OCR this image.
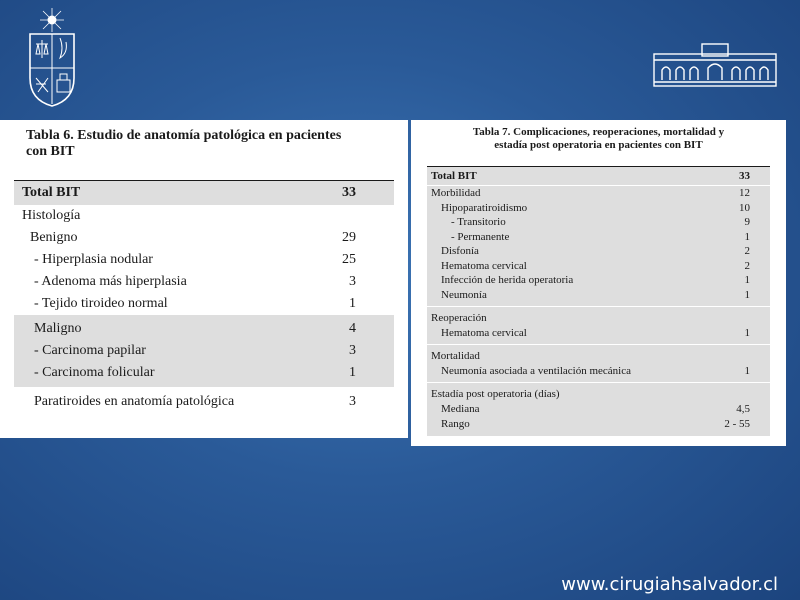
Tabla 6. Estudio de anatomía patológica en pacientes

con BIT

Total BIT	33
Histología
Benigno	29
- Hiperplasia nodular	25
- Adenoma más hiperplasia	3
- Tejido tiroideo normal	1
Maligno	4
- Carcinoma papilar	3
- Carcinoma folicular	1
Paratiroides en anatomía patológica	3

Tabla 7. Complicaciones, reoperaciones, mortalidad y

estadía post operatoria en pacientes con BIT

Total BIT	33
Morbilidad	12
Hipoparatiroidismo	10
- Transitorio	9
- Permanente	1
Disfonía	2
Hematoma cervical	2
Infección de herida operatoria	1
Neumonía	1
Reoperación
Hematoma cervical	1
Mortalidad
Neumonía asociada a ventilación mecánica	1
Estadía post operatoria (días)
Mediana	4,5
Rango	2 - 55
www.cirugiahsalvador.cl
